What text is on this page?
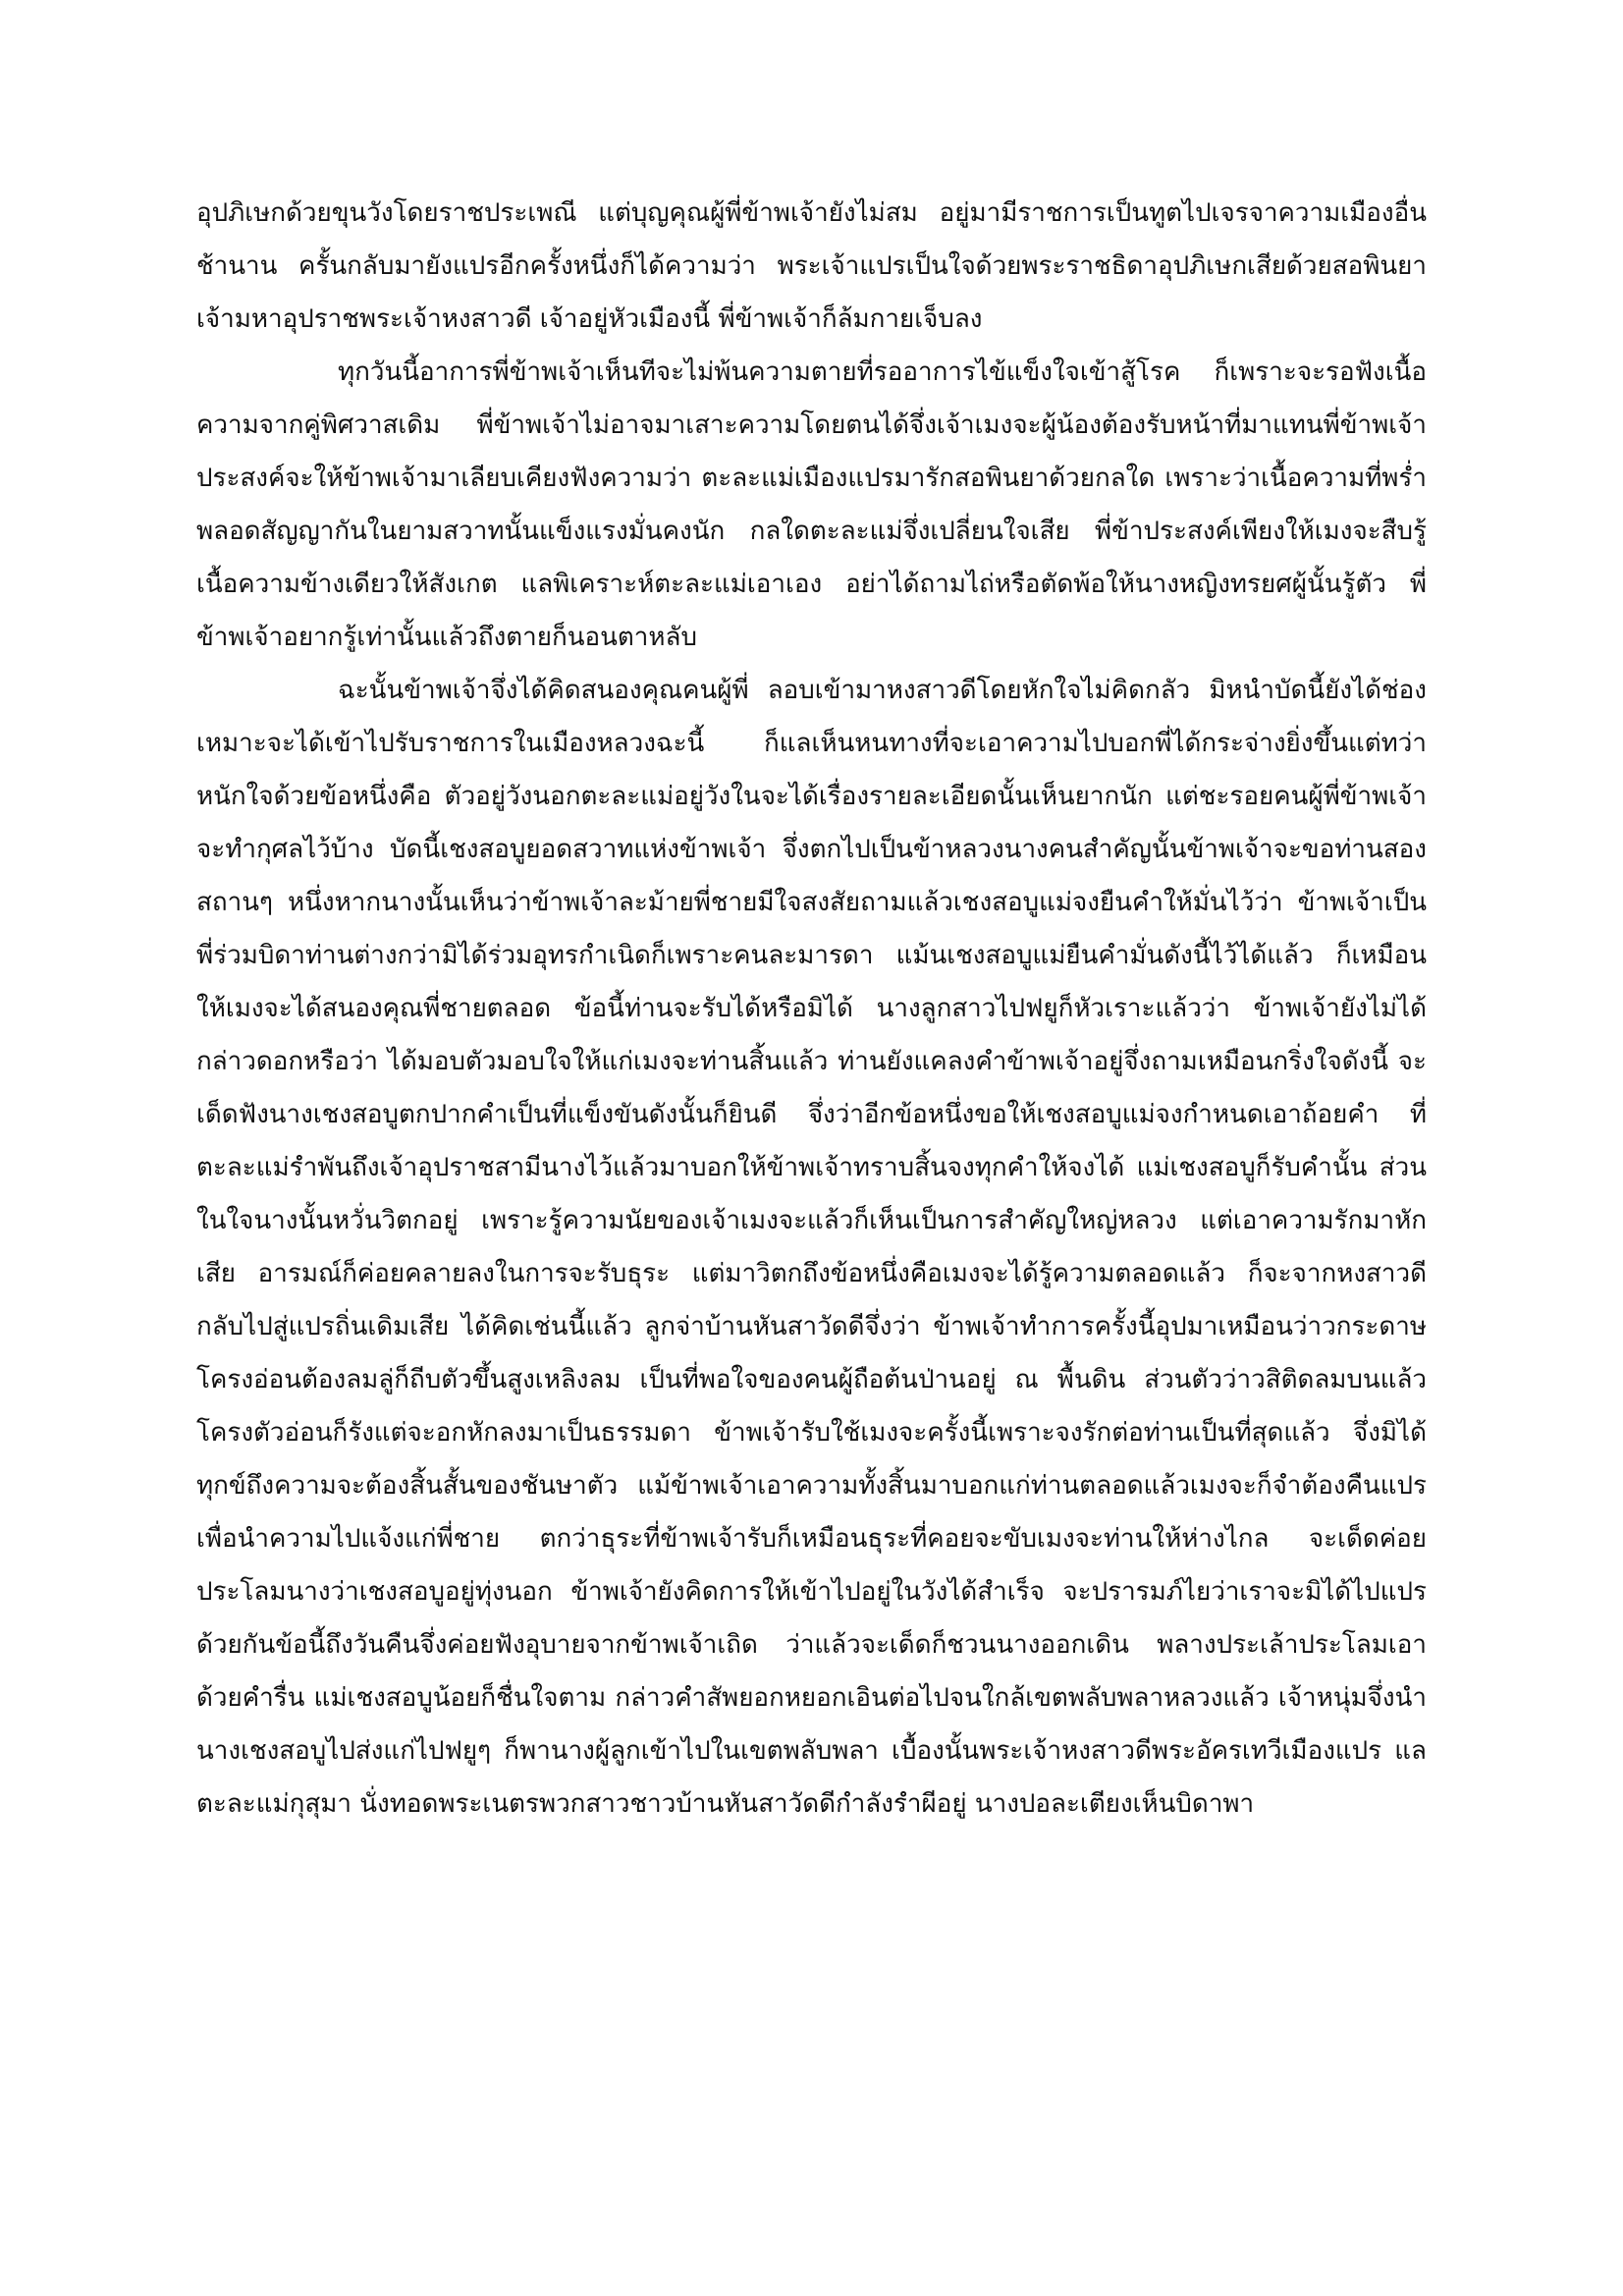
อุปภิเษกด้วยขุนวังโดยราชประเพณี แต่บุญคุณผู้พี่ข้าพเจ้ายังไม่สม อยู่มามีราชการเป็นทูตไปเจรจาความเมืองอื่นช้านาน ครั้นกลับมายังแปรอีกครั้งหนึ่งก็ได้ความว่า พระเจ้าแปรเป็นใจด้วยพระราชธิดาอุปภิเษกเสียด้วยสอพินยาเจ้ามหาอุปราชพระเจ้าหงสาวดี เจ้าอยู่หัวเมืองนี้ พี่ข้าพเจ้าก็ล้มกายเจ็บลง

ทุกวันนี้อาการพี่ข้าพเจ้าเห็นทีจะไม่พ้นความตายที่รออาการไข้แข็งใจเข้าสู้โรค ก็เพราะจะรอฟังเนื้อความจากคู่พิศวาสเดิม พี่ข้าพเจ้าไม่อาจมาเสาะความโดยตนได้จึ่งเจ้าเมงจะผู้น้องต้องรับหน้าที่มาแทนพี่ข้าพเจ้าประสงค์จะให้ข้าพเจ้ามาเลียบเคียงฟังความว่า ตะละแม่เมืองแปรมารักสอพินยาด้วยกลใด เพราะว่าเนื้อความที่พร่ำพลอดสัญญากันในยามสวาทนั้นแข็งแรงมั่นคงนัก กลใดตะละแม่จึ่งเปลี่ยนใจเสีย พี่ข้าประสงค์เพียงให้เมงจะสืบรู้เนื้อความข้างเดียวให้สังเกต แลพิเคราะห์ตะละแม่เอาเอง อย่าได้ถามไถ่หรือตัดพ้อให้นางหญิงทรยศผู้นั้นรู้ตัว พี่ข้าพเจ้าอยากรู้เท่านั้นแล้วถึงตายก็นอนตาหลับ

ฉะนั้นข้าพเจ้าจึ่งได้คิดสนองคุณคนผู้พี่ ลอบเข้ามาหงสาวดีโดยหักใจไม่คิดกลัว มิหนำบัดนี้ยังได้ช่องเหมาะจะได้เข้าไปรับราชการในเมืองหลวงฉะนี้ ก็แลเห็นหนทางที่จะเอาความไปบอกพี่ได้กระจ่างยิ่งขึ้นแต่ทว่าหนักใจด้วยข้อหนึ่งคือ ตัวอยู่วังนอกตะละแม่อยู่วังในจะได้เรื่องรายละเอียดนั้นเห็นยากนัก แต่ชะรอยคนผู้พี่ข้าพเจ้าจะทำกุศลไว้บ้าง บัดนี้เชงสอบูยอดสวาทแห่งข้าพเจ้า จึ่งตกไปเป็นข้าหลวงนางคนสำคัญนั้นข้าพเจ้าจะขอท่านสองสถานๆ หนึ่งหากนางนั้นเห็นว่าข้าพเจ้าละม้ายพี่ชายมีใจสงสัยถามแล้วเชงสอบูแม่จงยืนคำให้มั่นไว้ว่า ข้าพเจ้าเป็นพี่ร่วมบิดาท่านต่างกว่ามิได้ร่วมอุทรกำเนิดก็เพราะคนละมารดา แม้นเชงสอบูแม่ยืนคำมั่นดังนี้ไว้ได้แล้ว ก็เหมือนให้เมงจะได้สนองคุณพี่ชายตลอด ข้อนี้ท่านจะรับได้หรือมิได้ นางลูกสาวไปฟยูก็หัวเราะแล้วว่า ข้าพเจ้ายังไม่ได้กล่าวดอกหรือว่า ได้มอบตัวมอบใจให้แก่เมงจะท่านสิ้นแล้ว ท่านยังแคลงคำข้าพเจ้าอยู่จึ่งถามเหมือนกริ่งใจดังนี้ จะเด็ดฟังนางเชงสอบูตกปากคำเป็นที่แข็งขันดังนั้นก็ยินดี จึ่งว่าอีกข้อหนึ่งขอให้เชงสอบูแม่จงกำหนดเอาถ้อยคำ ที่ตะละแม่รำพันถึงเจ้าอุปราชสามีนางไว้แล้วมาบอกให้ข้าพเจ้าทราบสิ้นจงทุกคำให้จงได้ แม่เชงสอบูก็รับคำนั้น ส่วนในใจนางนั้นหวั่นวิตกอยู่ เพราะรู้ความนัยของเจ้าเมงจะแล้วก็เห็นเป็นการสำคัญใหญ่หลวง แต่เอาความรักมาหักเสีย อารมณ์ก็ค่อยคลายลงในการจะรับธุระ แต่มาวิตกถึงข้อหนึ่งคือเมงจะได้รู้ความตลอดแล้ว ก็จะจากหงสาวดีกลับไปสู่แปรถิ่นเดิมเสีย ได้คิดเช่นนี้แล้ว ลูกจ่าบ้านหันสาวัดดีจึ่งว่า ข้าพเจ้าทำการครั้งนี้อุปมาเหมือนว่าวกระดาษโครงอ่อนต้องลมลู่ก็ถีบตัวขึ้นสูงเหลิงลม เป็นที่พอใจของคนผู้ถือต้นป่านอยู่ ณ พื้นดิน ส่วนตัวว่าวสิติดลมบนแล้วโครงตัวอ่อนก็รังแต่จะอกหักลงมาเป็นธรรมดา ข้าพเจ้ารับใช้เมงจะครั้งนี้เพราะจงรักต่อท่านเป็นที่สุดแล้ว จึ่งมิได้ทุกข์ถึงความจะต้องสิ้นสั้นของชันษาตัว แม้ข้าพเจ้าเอาความทั้งสิ้นมาบอกแก่ท่านตลอดแล้วเมงจะก็จำต้องคืนแปรเพื่อนำความไปแจ้งแก่พี่ชาย ตกว่าธุระที่ข้าพเจ้ารับก็เหมือนธุระที่คอยจะขับเมงจะท่านให้ห่างไกล จะเด็ดค่อยประโลมนางว่าเชงสอบูอยู่ทุ่งนอก ข้าพเจ้ายังคิดการให้เข้าไปอยู่ในวังได้สำเร็จ จะปรารมภ์ไยว่าเราจะมิได้ไปแปรด้วยกันข้อนี้ถึงวันคืนจึ่งค่อยฟังอุบายจากข้าพเจ้าเถิด ว่าแล้วจะเด็ดก็ชวนนางออกเดิน พลางประเล้าประโลมเอาด้วยคำรื่น แม่เชงสอบูน้อยก็ชื่นใจตาม กล่าวคำสัพยอกหยอกเอินต่อไปจนใกล้เขตพลับพลาหลวงแล้ว เจ้าหนุ่มจึ่งนำนางเชงสอบูไปส่งแก่ไปฟยูๆ ก็พานางผู้ลูกเข้าไปในเขตพลับพลา เบื้องนั้นพระเจ้าหงสาวดีพระอัครเทวีเมืองแปร แลตะละแม่กุสุมา นั่งทอดพระเนตรพวกสาวชาวบ้านหันสาวัดดีกำลังรำผีอยู่ นางปอละเตียงเห็นบิดาพา
